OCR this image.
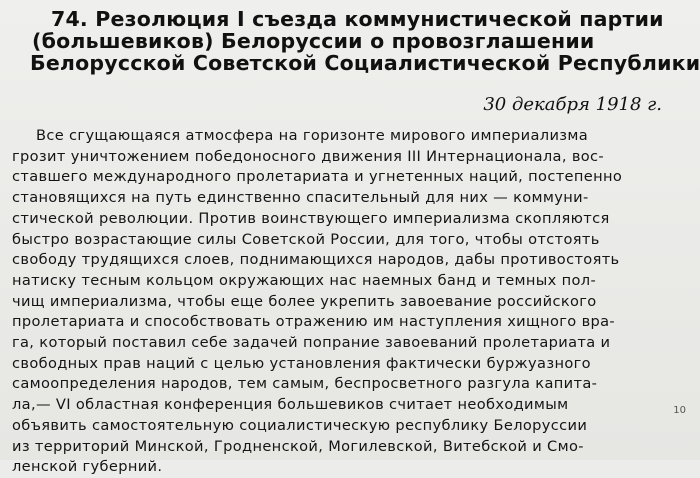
74. Резолюция I съезда коммунистической партии
(большевиков) Белоруссии о провозглашении
Белорусской Советской Социалистической Республики
30 декабря 1918 г.
Все сгущающаяся атмосфера на горизонте мирового империализма
грозит уничтожением победоносного движения III Интернационала, вос-
ставшего международного пролетариата и угнетенных наций, постепенно
становящихся на путь единственно спасительный для них — коммуни-
стической революции. Против воинствующего империализма скопляются
быстро возрастающие силы Советской России, для того, чтобы отстоять
свободу трудящихся слоев, поднимающихся народов, дабы противостоять
натиску тесным кольцом окружающих нас наемных банд и темных пол-
чищ империализма, чтобы еще более укрепить завоевание российского
пролетариата и способствовать отражению им наступления хищного вра-
га, который поставил себе задачей попрание завоеваний пролетариата и
свободных прав наций с целью установления фактически буржуазного
самоопределения народов, тем самым, беспросветного разгула капита-
ла,— VI областная конференция большевиков считает необходимым
объявить самостоятельную социалистическую республику Белоруссии
из территорий Минской, Гродненской, Могилевской, Витебской и Смо-
ленской губерний.
10
